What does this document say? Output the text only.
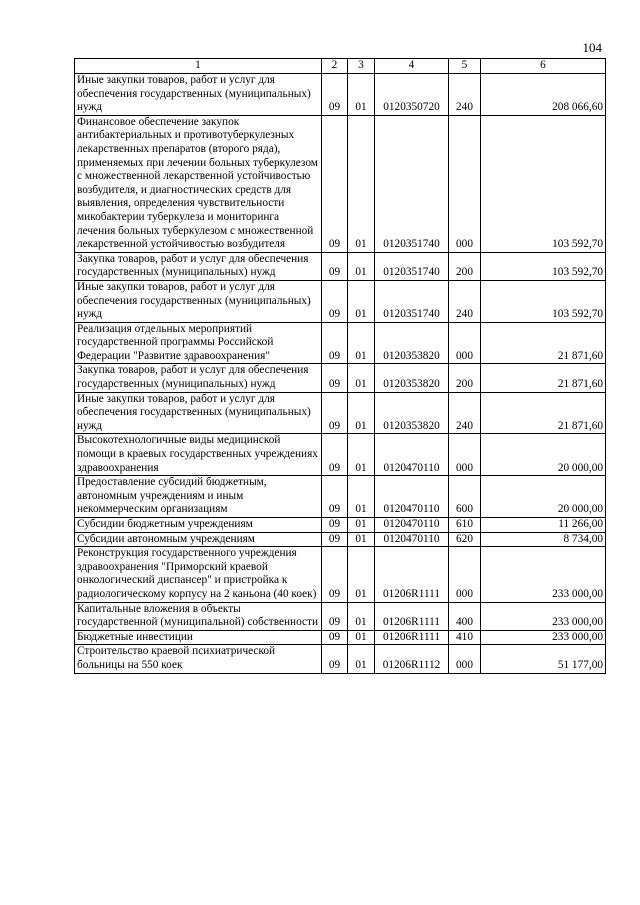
104
1	2	3	4	5	6
Иные закупки товаров, работ и услуг для обеспечения государственных (муниципальных) нужд	09	01	0120350720	240	208 066,60
Финансовое обеспечение закупок антибактериальных и противотуберкулезных лекарственных препаратов (второго ряда), применяемых при лечении больных туберкулезом с множественной лекарственной устойчивостью возбудителя, и диагностических средств для выявления, определения чувствительности микобактерии туберкулеза и мониторинга лечения больных туберкулезом с множественной лекарственной устойчивостью возбудителя	09	01	0120351740	000	103 592,70
Закупка товаров, работ и услуг для обеспечения государственных (муниципальных) нужд	09	01	0120351740	200	103 592,70
Иные закупки товаров, работ и услуг для обеспечения государственных (муниципальных) нужд	09	01	0120351740	240	103 592,70
Реализация отдельных мероприятий государственной программы Российской Федерации "Развитие здравоохранения"	09	01	0120353820	000	21 871,60
Закупка товаров, работ и услуг для обеспечения государственных (муниципальных) нужд	09	01	0120353820	200	21 871,60
Иные закупки товаров, работ и услуг для обеспечения государственных (муниципальных) нужд	09	01	0120353820	240	21 871,60
Высокотехнологичные виды медицинской помощи в краевых государственных учреждениях здравоохранения	09	01	0120470110	000	20 000,00
Предоставление субсидий бюджетным, автономным учреждениям и иным некоммерческим организациям	09	01	0120470110	600	20 000,00
Субсидии бюджетным учреждениям	09	01	0120470110	610	11 266,00
Субсидии автономным учреждениям	09	01	0120470110	620	8 734,00
Реконструкция государственного учреждения здравоохранения "Приморский краевой онкологический диспансер" и пристройка к радиологическому корпусу на 2 каньона (40 коек)	09	01	01206R1111	000	233 000,00
Капитальные вложения в объекты государственной (муниципальной) собственности	09	01	01206R1111	400	233 000,00
Бюджетные инвестиции	09	01	01206R1111	410	233 000,00
Строительство краевой психиатрической больницы на 550 коек	09	01	01206R1112	000	51 177,00
